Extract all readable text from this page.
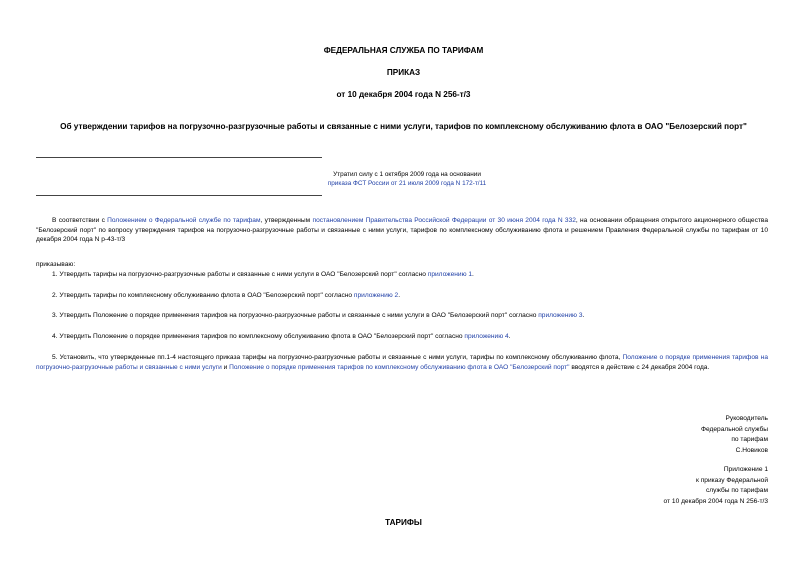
ФЕДЕРАЛЬНАЯ СЛУЖБА ПО ТАРИФАМ
ПРИКАЗ
от 10 декабря 2004 года N 256-т/3
Об утверждении тарифов на погрузочно-разгрузочные работы и связанные с ними услуги, тарифов по комплексному обслуживанию флота в ОАО "Белозерский порт"
Утратил силу с 1 октября 2009 года на основании
приказа ФСТ России от 21 июля 2009 года N 172-т/11
В соответствии с Положением о Федеральной службе по тарифам, утвержденным постановлением Правительства Российской Федерации от 30 июня 2004 года N 332, на основании обращения открытого акционерного общества "Белозерский порт" по вопросу утверждения тарифов на погрузочно-разгрузочные работы и связанные с ними услуги, тарифов по комплексному обслуживанию флота и решением Правления Федеральной службы по тарифам от 10 декабря 2004 года N р-43-т/3
приказываю:
1. Утвердить тарифы на погрузочно-разгрузочные работы и связанные с ними услуги в ОАО "Белозерский порт" согласно приложению 1.
2. Утвердить тарифы по комплексному обслуживанию флота в ОАО "Белозерский порт" согласно приложению 2.
3. Утвердить Положение о порядке применения тарифов на погрузочно-разгрузочные работы и связанные с ними услуги в ОАО "Белозерский порт" согласно приложению 3.
4. Утвердить Положение о порядке применения тарифов по комплексному обслуживанию флота в ОАО "Белозерский порт" согласно приложению 4.
5. Установить, что утвержденные пп.1-4 настоящего приказа тарифы на погрузочно-разгрузочные работы и связанные с ними услуги, тарифы по комплексному обслуживанию флота, Положение о порядке применения тарифов на погрузочно-разгрузочные работы и связанные с ними услуги и Положение о порядке применения тарифов по комплексному обслуживанию флота в ОАО "Белозерский порт" вводятся в действие с 24 декабря 2004 года.
Руководитель
Федеральной службы
по тарифам
С.Новиков
Приложение 1
к приказу Федеральной
службы по тарифам
от 10 декабря 2004 года N 256-т/3
ТАРИФЫ
